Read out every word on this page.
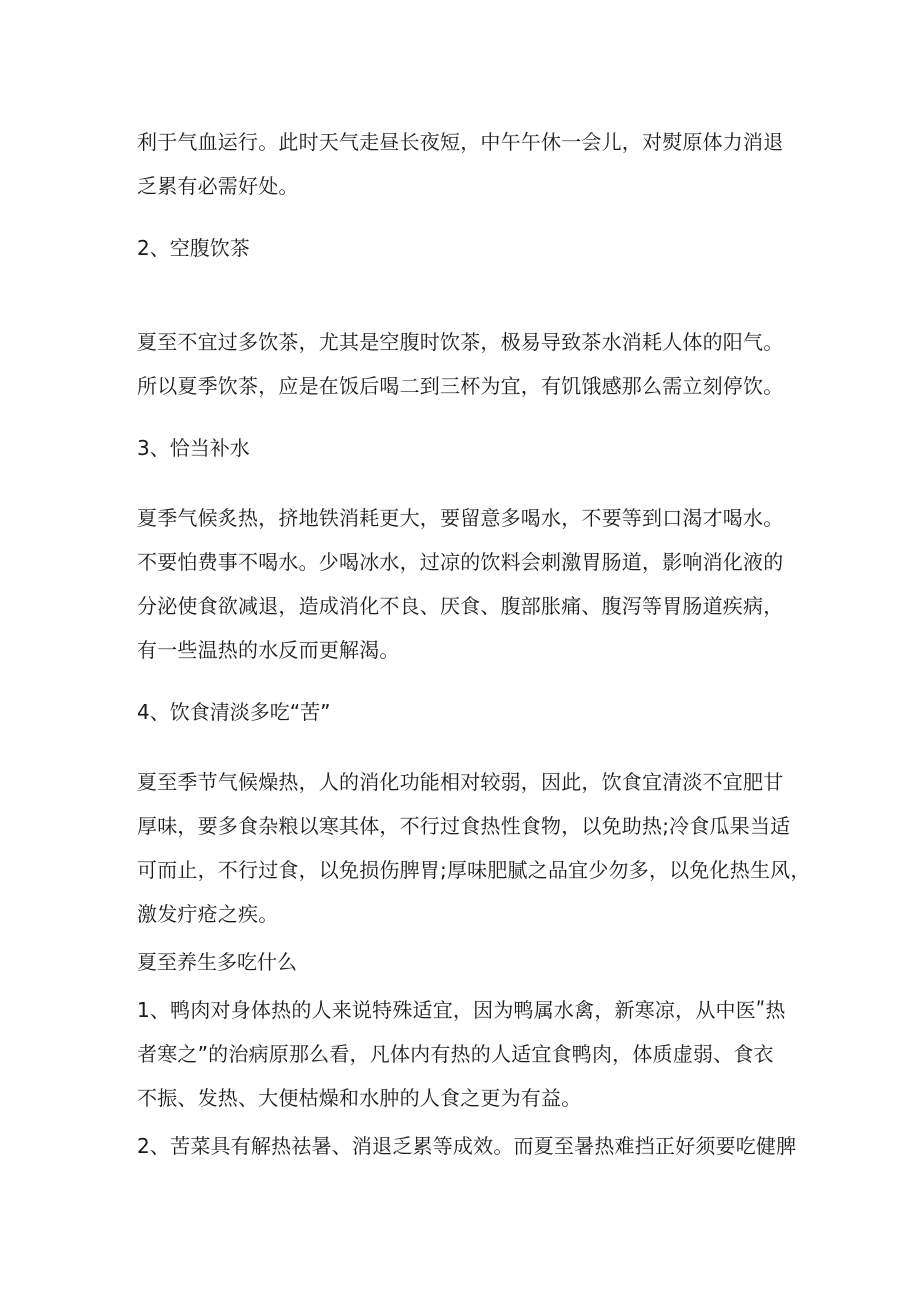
利于气血运行。此时天气走昼长夜短，中午午休一会儿，对熨原体力消退
乏累有必需好处。
2、空腹饮茶
夏至不宜过多饮茶，尤其是空腹时饮茶，极易导致茶水消耗人体的阳气。
所以夏季饮茶，应是在饭后喝二到三杯为宜，有饥饿感那么需立刻停饮。
3、恰当补水
夏季气候炙热，挤地铁消耗更大，要留意多喝水，不要等到口渴才喝水。
不要怕费事不喝水。少喝冰水，过凉的饮料会刺激胃肠道，影响消化液的
分泌使食欲减退，造成消化不良、厌食、腹部胀痛、腹泻等胃肠道疾病，
有一些温热的水反而更解渴。
4、饮食清淡多吃“苦”
夏至季节气候燥热，人的消化功能相对较弱，因此，饮食宜清淡不宜肥甘
厚味，要多食杂粮以寒其体，不行过食热性食物，以免助热;冷食瓜果当适
可而止，不行过食，以免损伤脾胃;厚味肥腻之品宜少勿多，以免化热生风，
激发疔疮之疾。
夏至养生多吃什么
1、鸭肉对身体热的人来说特殊适宜，因为鸭属水禽，新寒凉，从中医ʺ热
者寒之”的治病原那么看，凡体内有热的人适宜食鸭肉，体质虚弱、食衣
不振、发热、大便枯燥和水肿的人食之更为有益。
2、苦菜具有解热祛暑、消退乏累等成效。而夏至暑热难挡正好须要吃健脾
